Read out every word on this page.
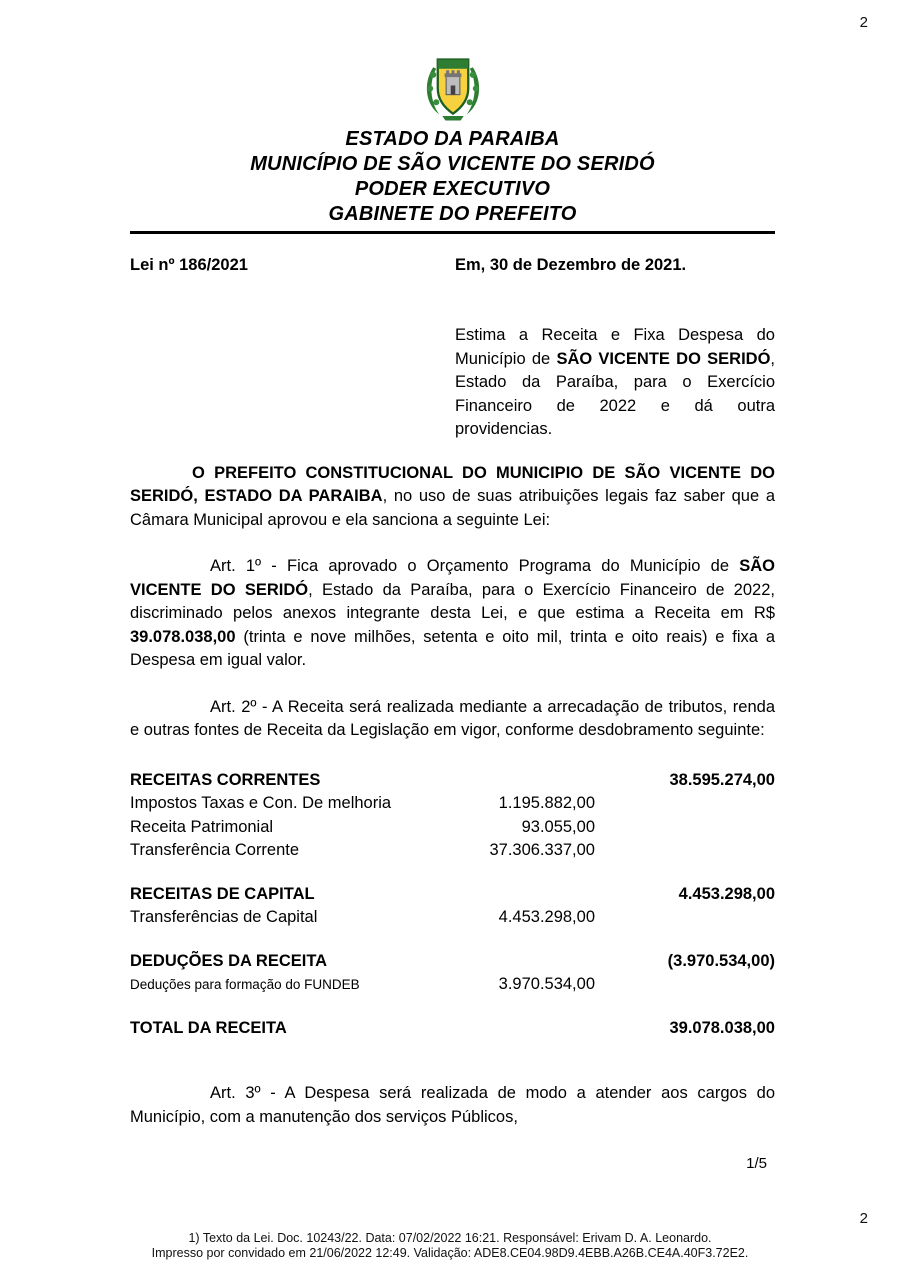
2
ESTADO DA PARAIBA
MUNICÍPIO DE SÃO VICENTE DO SERIDÓ
PODER EXECUTIVO
GABINETE DO PREFEITO
Lei nº 186/2021	Em, 30 de Dezembro de 2021.
Estima a Receita e Fixa Despesa do Município de SÃO VICENTE DO SERIDÓ, Estado da Paraíba, para o Exercício Financeiro de 2022 e dá outra providencias.

O PREFEITO CONSTITUCIONAL DO MUNICIPIO DE SÃO VICENTE DO SERIDÓ, ESTADO DA PARAIBA, no uso de suas atribuições legais faz saber que a Câmara Municipal aprovou e ela sanciona a seguinte Lei:

Art. 1º - Fica aprovado o Orçamento Programa do Município de SÃO VICENTE DO SERIDÓ, Estado da Paraíba, para o Exercício Financeiro de 2022, discriminado pelos anexos integrante desta Lei, e que estima a Receita em R$ 39.078.038,00 (trinta e nove milhões, setenta e oito mil, trinta e oito reais) e fixa a Despesa em igual valor.

Art. 2º - A Receita será realizada mediante a arrecadação de tributos, renda e outras fontes de Receita da Legislação em vigor, conforme desdobramento seguinte:

RECEITAS CORRENTES	38.595.274,00
Impostos Taxas e Con. De melhoria	1.195.882,00
Receita Patrimonial	93.055,00
Transferência Corrente	37.306.337,00
RECEITAS DE CAPITAL	4.453.298,00
Transferências de Capital	4.453.298,00
DEDUÇÕES DA RECEITA	(3.970.534,00)
Deduções para formação do FUNDEB	3.970.534,00
TOTAL DA RECEITA	39.078.038,00

Art. 3º - A Despesa será realizada de modo a atender aos cargos do Município, com a manutenção dos serviços Públicos,

1/5
1) Texto da Lei. Doc. 10243/22. Data: 07/02/2022 16:21. Responsável: Erivam D. A. Leonardo.
Impresso por convidado em 21/06/2022 12:49. Validação: ADE8.CE04.98D9.4EBB.A26B.CE4A.40F3.72E2.
2
